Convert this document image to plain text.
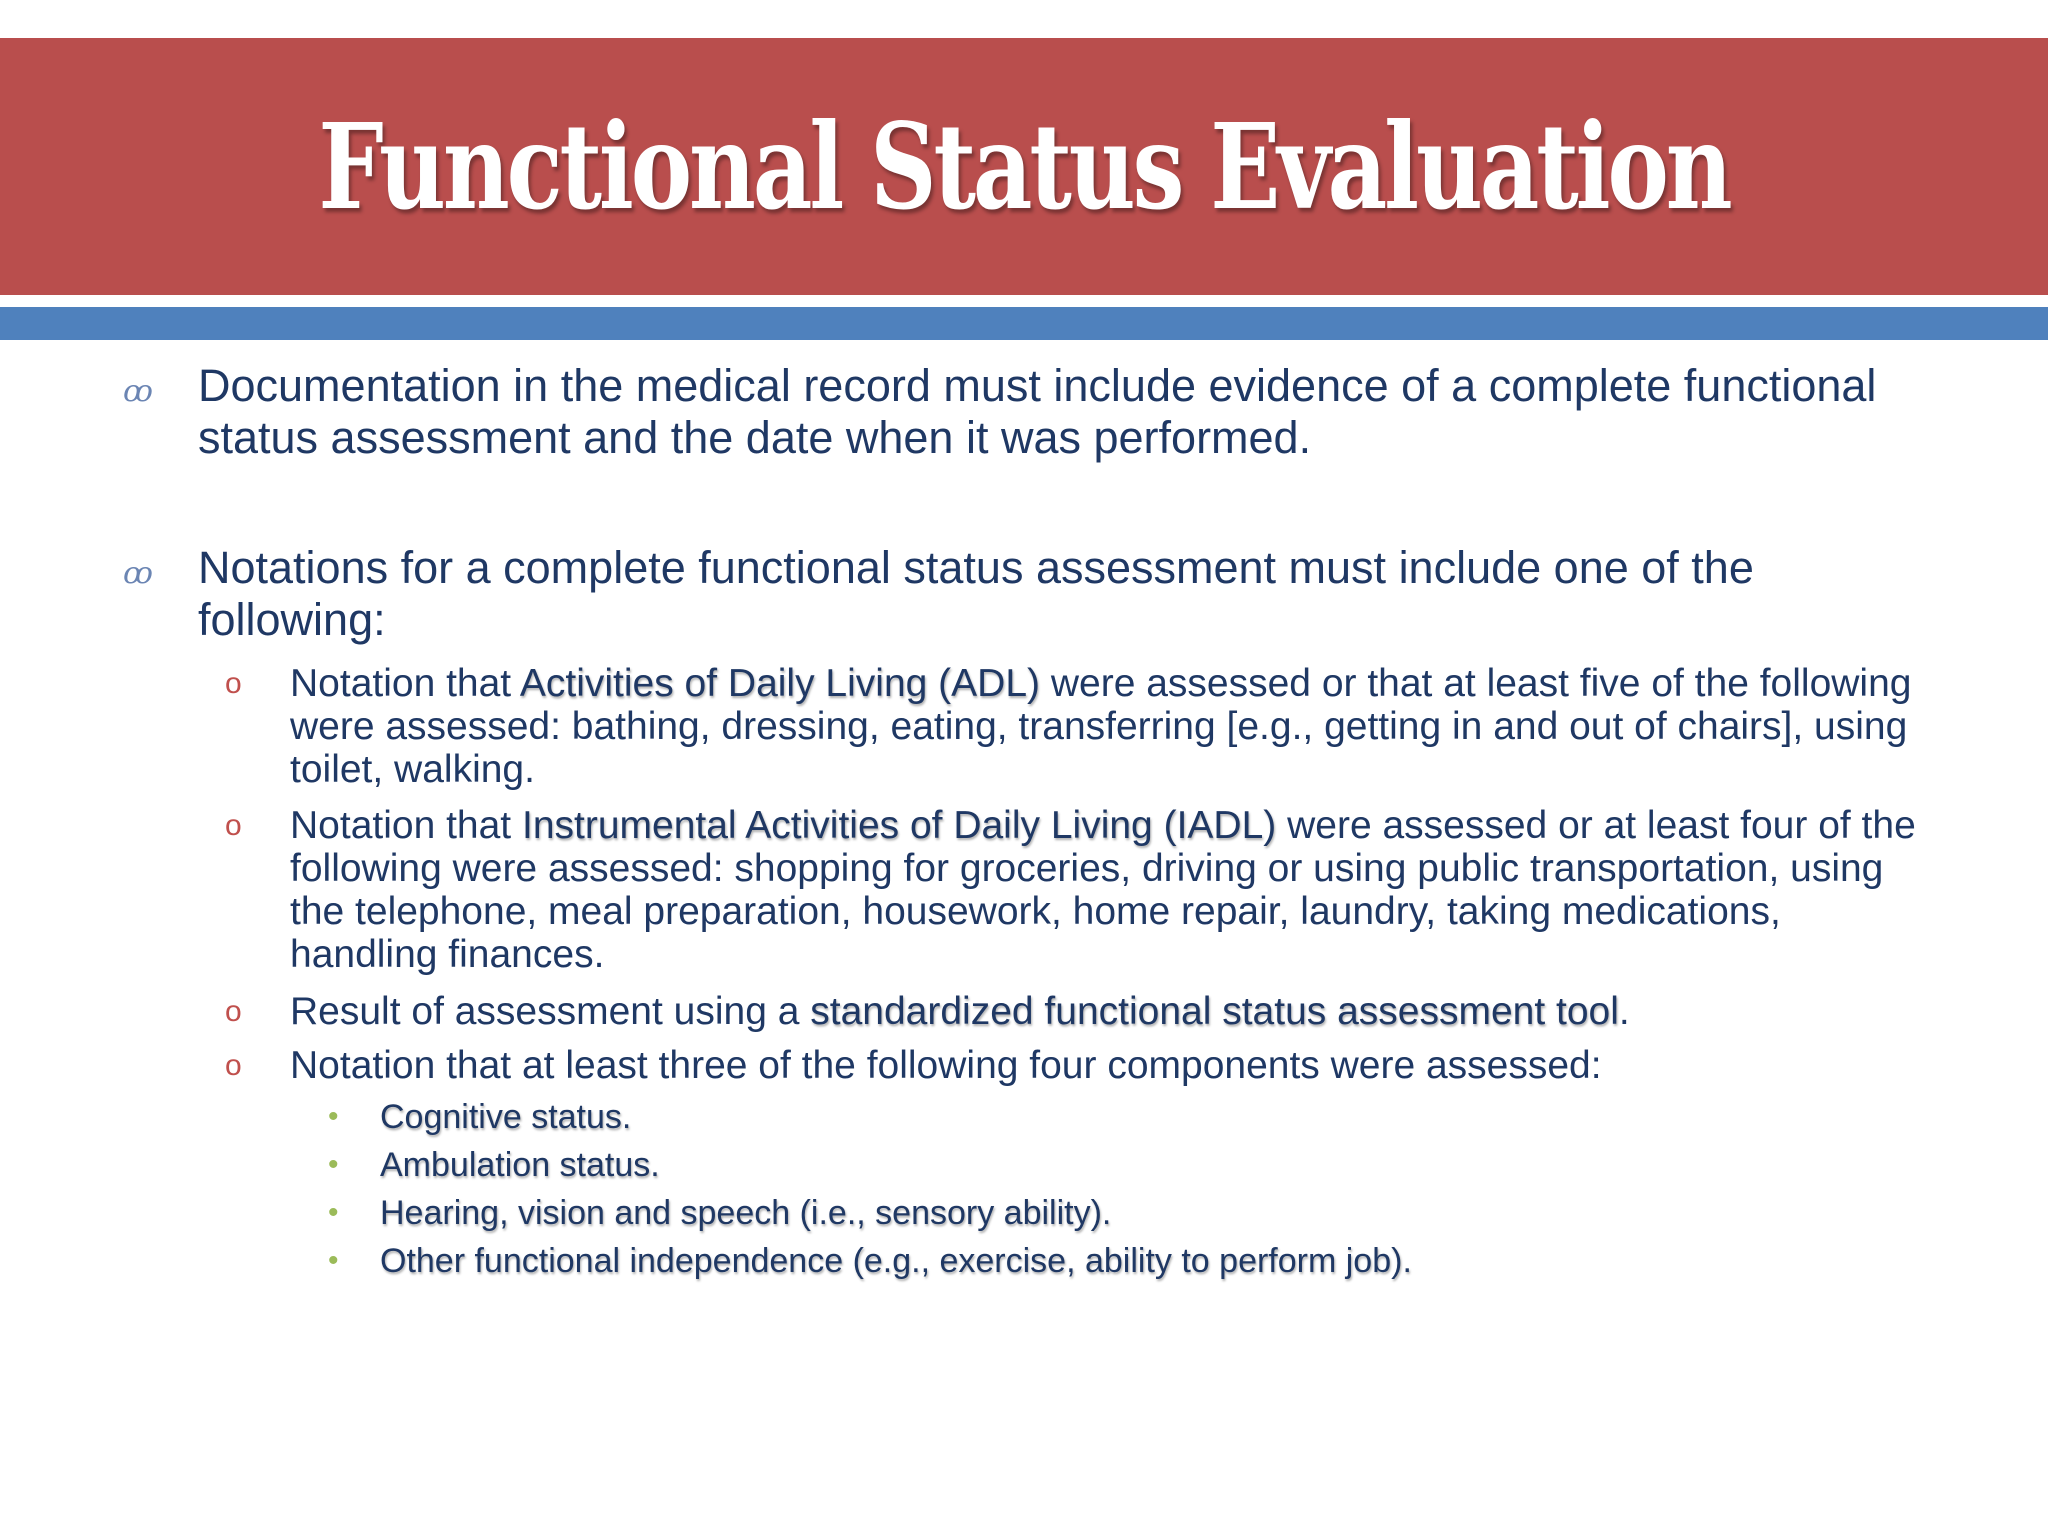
Functional Status Evaluation
ꝏ Documentation in the medical record must include evidence of a complete functional status assessment and the date when it was performed.
ꝏ Notations for a complete functional status assessment must include one of the following:
o Notation that Activities of Daily Living (ADL) were assessed or that at least five of the following were assessed: bathing, dressing, eating, transferring [e.g., getting in and out of chairs], using toilet, walking.
o Notation that Instrumental Activities of Daily Living (IADL) were assessed or at least four of the following were assessed: shopping for groceries, driving or using public transportation, using the telephone, meal preparation, housework, home repair, laundry, taking medications, handling finances.
o Result of assessment using a standardized functional status assessment tool.
o Notation that at least three of the following four components were assessed:
• Cognitive status.
• Ambulation status.
• Hearing, vision and speech (i.e., sensory ability).
• Other functional independence (e.g., exercise, ability to perform job).
